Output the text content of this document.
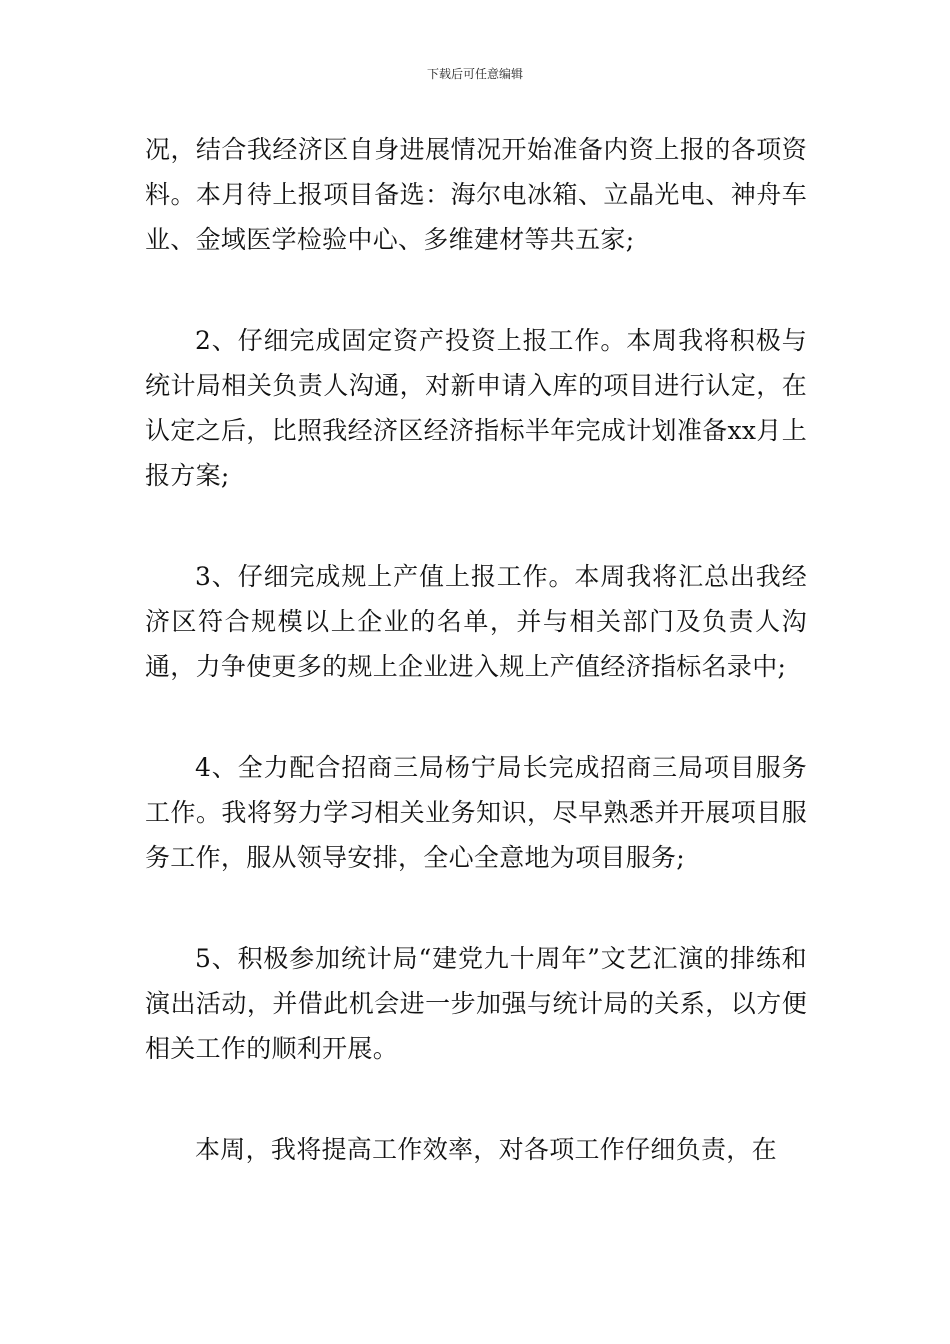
下载后可任意编辑

况，结合我经济区自身进展情况开始准备内资上报的各项资料。本月待上报项目备选：海尔电冰箱、立晶光电、神舟车业、金域医学检验中心、多维建材等共五家;

2、仔细完成固定资产投资上报工作。本周我将积极与统计局相关负责人沟通，对新申请入库的项目进行认定，在认定之后，比照我经济区经济指标半年完成计划准备xx月上报方案;

3、仔细完成规上产值上报工作。本周我将汇总出我经济区符合规模以上企业的名单，并与相关部门及负责人沟通，力争使更多的规上企业进入规上产值经济指标名录中;

4、全力配合招商三局杨宁局长完成招商三局项目服务工作。我将努力学习相关业务知识，尽早熟悉并开展项目服务工作，服从领导安排，全心全意地为项目服务;

5、积极参加统计局“建党九十周年”文艺汇演的排练和演出活动，并借此机会进一步加强与统计局的关系，以方便相关工作的顺利开展。

本周，我将提高工作效率，对各项工作仔细负责，在
